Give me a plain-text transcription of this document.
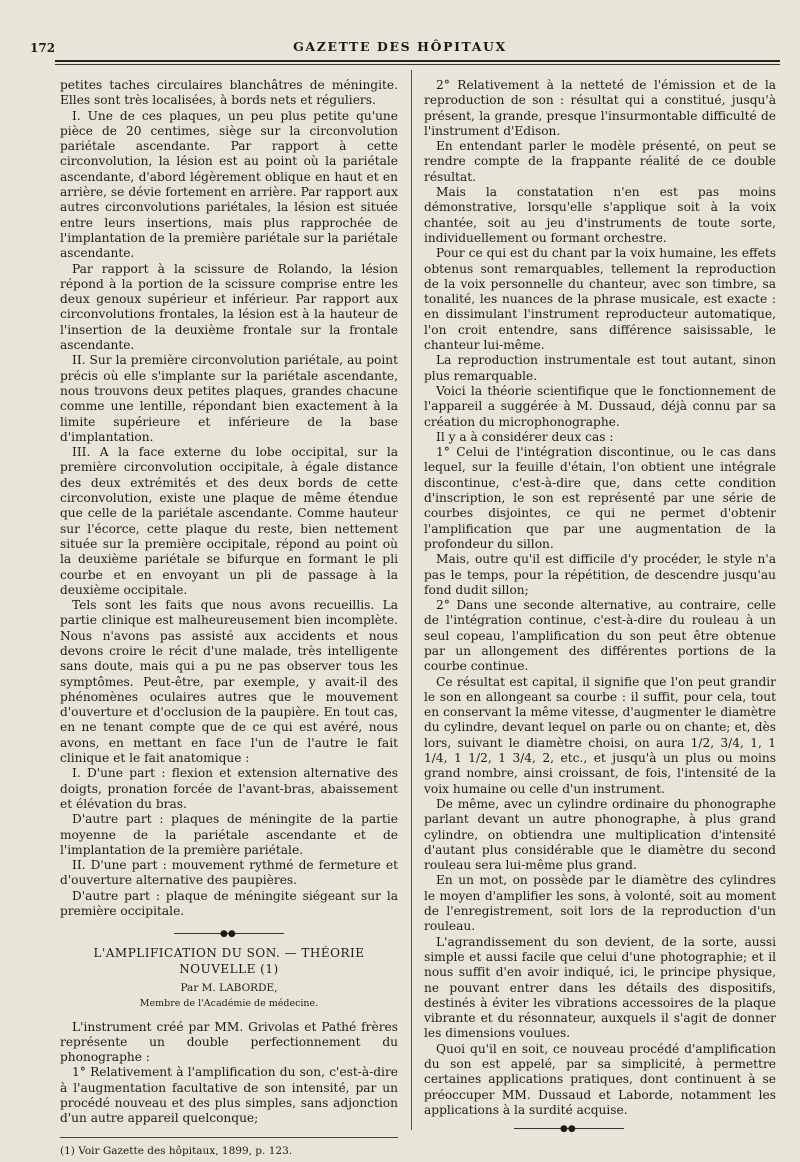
172	GAZETTE DES HÔPITAUX

petites taches circulaires blanchâtres de méningite. Elles sont très localisées, à bords nets et réguliers.

I. Une de ces plaques, un peu plus petite qu'une pièce de 20 centimes, siège sur la circonvolution pariétale ascendante. Par rapport à cette circonvolution, la lésion est au point où la pariétale ascendante, d'abord légèrement oblique en haut et en arrière, se dévie fortement en arrière. Par rapport aux autres circonvolutions pariétales, la lésion est située entre leurs insertions, mais plus rapprochée de l'implantation de la première pariétale sur la pariétale ascendante.

Par rapport à la scissure de Rolando, la lésion répond à la portion de la scissure comprise entre les deux genoux supérieur et inférieur. Par rapport aux circonvolutions frontales, la lésion est à la hauteur de l'insertion de la deuxième frontale sur la frontale ascendante.

II. Sur la première circonvolution pariétale, au point précis où elle s'implante sur la pariétale ascendante, nous trouvons deux petites plaques, grandes chacune comme une lentille, répondant bien exactement à la limite supérieure et inférieure de la base d'implantation.

III. A la face externe du lobe occipital, sur la première circonvolution occipitale, à égale distance des deux extrémités et des deux bords de cette circonvolution, existe une plaque de même étendue que celle de la pariétale ascendante. Comme hauteur sur l'écorce, cette plaque du reste, bien nettement située sur la première occipitale, répond au point où la deuxième pariétale se bifurque en formant le pli courbe et en envoyant un pli de passage à la deuxième occipitale.

Tels sont les faits que nous avons recueillis. La partie clinique est malheureusement bien incomplète. Nous n'avons pas assisté aux accidents et nous devons croire le récit d'une malade, très intelligente sans doute, mais qui a pu ne pas observer tous les symptômes. Peut-être, par exemple, y avait-il des phénomènes oculaires autres que le mouvement d'ouverture et d'occlusion de la paupière. En tout cas, en ne tenant compte que de ce qui est avéré, nous avons, en mettant en face l'un de l'autre le fait clinique et le fait anatomique :

I. D'une part : flexion et extension alternative des doigts, pronation forcée de l'avant-bras, abaissement et élévation du bras.

D'autre part : plaques de méningite de la partie moyenne de la pariétale ascendante et de l'implantation de la première pariétale.

II. D'une part : mouvement rythmé de fermeture et d'ouverture alternative des paupières.

D'autre part : plaque de méningite siégeant sur la première occipitale.

●●
L'AMPLIFICATION DU SON. — THÉORIE NOUVELLE (1)
Par M. LABORDE,
Membre de l'Académie de médecine.

L'instrument créé par MM. Grivolas et Pathé frères représente un double perfectionnement du phonographe :

1° Relativement à l'amplification du son, c'est-à-dire à l'augmentation facultative de son intensité, par un procédé nouveau et des plus simples, sans adjonction d'un autre appareil quelconque;

(1) Voir Gazette des hôpitaux, 1899, p. 123.

2° Relativement à la netteté de l'émission et de la reproduction de son : résultat qui a constitué, jusqu'à présent, la grande, presque l'insurmontable difficulté de l'instrument d'Edison.

En entendant parler le modèle présenté, on peut se rendre compte de la frappante réalité de ce double résultat.

Mais la constatation n'en est pas moins démonstrative, lorsqu'elle s'applique soit à la voix chantée, soit au jeu d'instruments de toute sorte, individuellement ou formant orchestre.

Pour ce qui est du chant par la voix humaine, les effets obtenus sont remarquables, tellement la reproduction de la voix personnelle du chanteur, avec son timbre, sa tonalité, les nuances de la phrase musicale, est exacte : en dissimulant l'instrument reproducteur automatique, l'on croit entendre, sans différence saisissable, le chanteur lui-même.

La reproduction instrumentale est tout autant, sinon plus remarquable.

Voici la théorie scientifique que le fonctionnement de l'appareil a suggérée à M. Dussaud, déjà connu par sa création du microphonographe.

Il y a à considérer deux cas :

1° Celui de l'intégration discontinue, ou le cas dans lequel, sur la feuille d'étain, l'on obtient une intégrale discontinue, c'est-à-dire que, dans cette condition d'inscription, le son est représenté par une série de courbes disjointes, ce qui ne permet d'obtenir l'amplification que par une augmentation de la profondeur du sillon.

Mais, outre qu'il est difficile d'y procéder, le style n'a pas le temps, pour la répétition, de descendre jusqu'au fond dudit sillon;

2° Dans une seconde alternative, au contraire, celle de l'intégration continue, c'est-à-dire du rouleau à un seul copeau, l'amplification du son peut être obtenue par un allongement des différentes portions de la courbe continue.

Ce résultat est capital, il signifie que l'on peut grandir le son en allongeant sa courbe : il suffit, pour cela, tout en conservant la même vitesse, d'augmenter le diamètre du cylindre, devant lequel on parle ou on chante; et, dès lors, suivant le diamètre choisi, on aura 1/2, 3/4, 1, 1 1/4, 1 1/2, 1 3/4, 2, etc., et jusqu'à un plus ou moins grand nombre, ainsi croissant, de fois, l'intensité de la voix humaine ou celle d'un instrument.

De même, avec un cylindre ordinaire du phonographe parlant devant un autre phonographe, à plus grand cylindre, on obtiendra une multiplication d'intensité d'autant plus considérable que le diamètre du second rouleau sera lui-même plus grand.

En un mot, on possède par le diamètre des cylindres le moyen d'amplifier les sons, à volonté, soit au moment de l'enregistrement, soit lors de la reproduction d'un rouleau.

L'agrandissement du son devient, de la sorte, aussi simple et aussi facile que celui d'une photographie; et il nous suffit d'en avoir indiqué, ici, le principe physique, ne pouvant entrer dans les détails des dispositifs, destinés à éviter les vibrations accessoires de la plaque vibrante et du résonnateur, auxquels il s'agit de donner les dimensions voulues.

Quoi qu'il en soit, ce nouveau procédé d'amplification du son est appelé, par sa simplicité, à permettre certaines applications pratiques, dont continuent à se préoccuper MM. Dussaud et Laborde, notamment les applications à la surdité acquise.

●●
